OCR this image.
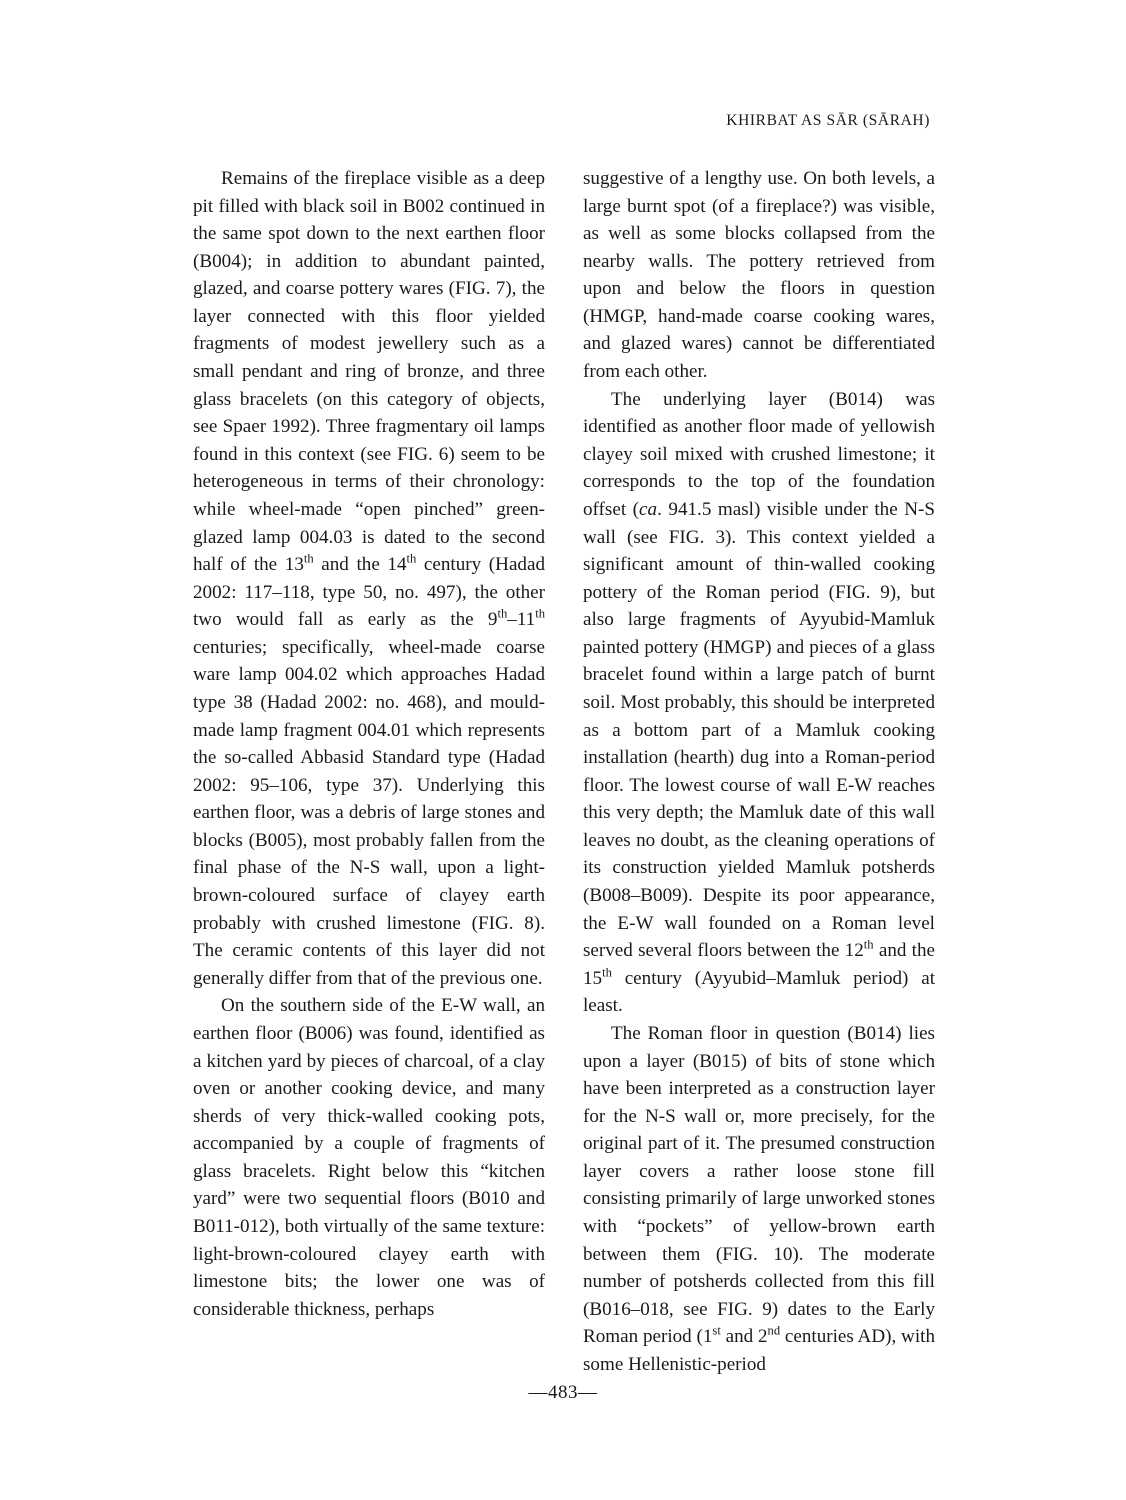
KHIRBAT AS SĀR (SĀRAH)

Remains of the fireplace visible as a deep pit filled with black soil in B002 continued in the same spot down to the next earthen floor (B004); in addition to abundant painted, glazed, and coarse pottery wares (FIG. 7), the layer connected with this floor yielded fragments of modest jewellery such as a small pendant and ring of bronze, and three glass bracelets (on this category of objects, see Spaer 1992). Three fragmentary oil lamps found in this context (see FIG. 6) seem to be heterogeneous in terms of their chronology: while wheel-made “open pinched” green-glazed lamp 004.03 is dated to the second half of the 13th and the 14th century (Hadad 2002: 117–118, type 50, no. 497), the other two would fall as early as the 9th–11th centuries; specifically, wheel-made coarse ware lamp 004.02 which approaches Hadad type 38 (Hadad 2002: no. 468), and mould-made lamp fragment 004.01 which represents the so-called Abbasid Standard type (Hadad 2002: 95–106, type 37). Underlying this earthen floor, was a debris of large stones and blocks (B005), most probably fallen from the final phase of the N-S wall, upon a light-brown-coloured surface of clayey earth probably with crushed limestone (FIG. 8). The ceramic contents of this layer did not generally differ from that of the previous one.

On the southern side of the E-W wall, an earthen floor (B006) was found, identified as a kitchen yard by pieces of charcoal, of a clay oven or another cooking device, and many sherds of very thick-walled cooking pots, accompanied by a couple of fragments of glass bracelets. Right below this “kitchen yard” were two sequential floors (B010 and B011-012), both virtually of the same texture: light-brown-coloured clayey earth with limestone bits; the lower one was of considerable thickness, perhaps

suggestive of a lengthy use. On both levels, a large burnt spot (of a fireplace?) was visible, as well as some blocks collapsed from the nearby walls. The pottery retrieved from upon and below the floors in question (HMGP, hand-made coarse cooking wares, and glazed wares) cannot be differentiated from each other.

The underlying layer (B014) was identified as another floor made of yellowish clayey soil mixed with crushed limestone; it corresponds to the top of the foundation offset (ca. 941.5 masl) visible under the N-S wall (see FIG. 3). This context yielded a significant amount of thin-walled cooking pottery of the Roman period (FIG. 9), but also large fragments of Ayyubid-Mamluk painted pottery (HMGP) and pieces of a glass bracelet found within a large patch of burnt soil. Most probably, this should be interpreted as a bottom part of a Mamluk cooking installation (hearth) dug into a Roman-period floor. The lowest course of wall E-W reaches this very depth; the Mamluk date of this wall leaves no doubt, as the cleaning operations of its construction yielded Mamluk potsherds (B008–B009). Despite its poor appearance, the E-W wall founded on a Roman level served several floors between the 12th and the 15th century (Ayyubid–Mamluk period) at least.

The Roman floor in question (B014) lies upon a layer (B015) of bits of stone which have been interpreted as a construction layer for the N-S wall or, more precisely, for the original part of it. The presumed construction layer covers a rather loose stone fill consisting primarily of large unworked stones with “pockets” of yellow-brown earth between them (FIG. 10). The moderate number of potsherds collected from this fill (B016–018, see FIG. 9) dates to the Early Roman period (1st and 2nd centuries AD), with some Hellenistic-period

—483—
